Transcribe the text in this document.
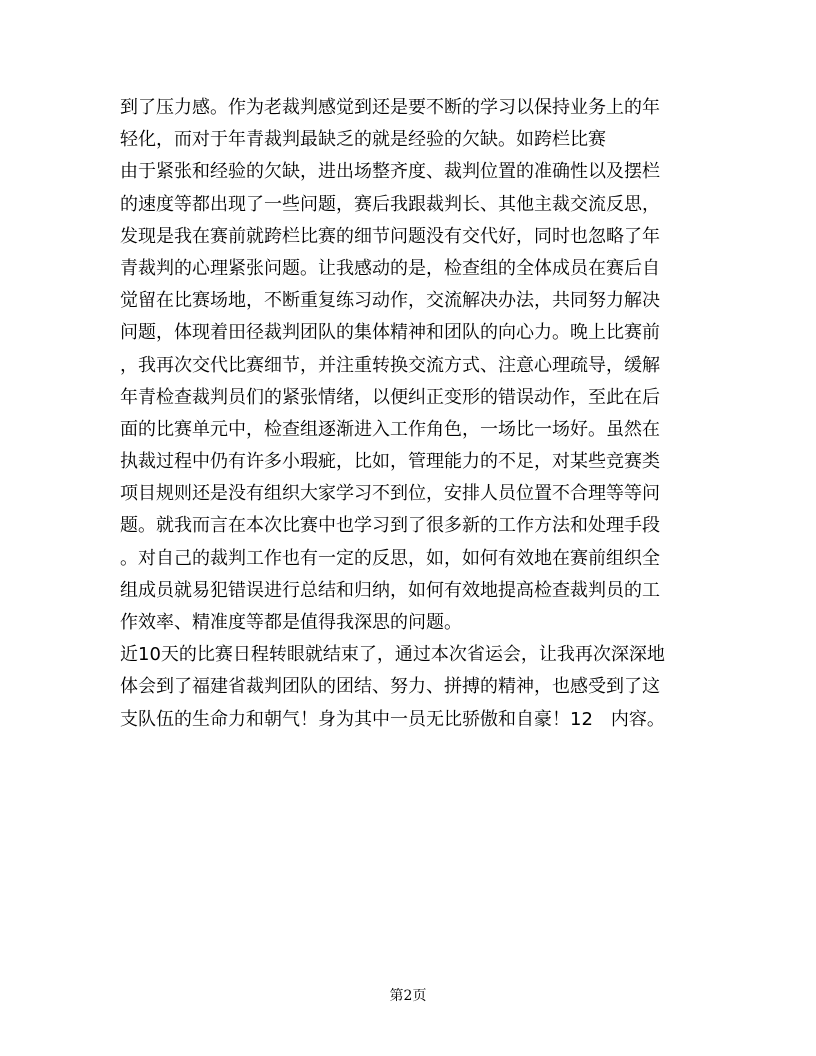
到了压力感。作为老裁判感觉到还是要不断的学习以保持业务上的年
轻化，而对于年青裁判最缺乏的就是经验的欠缺。如跨栏比赛
由于紧张和经验的欠缺，进出场整齐度、裁判位置的准确性以及摆栏
的速度等都出现了一些问题，赛后我跟裁判长、其他主裁交流反思，
发现是我在赛前就跨栏比赛的细节问题没有交代好，同时也忽略了年
青裁判的心理紧张问题。让我感动的是，检查组的全体成员在赛后自
觉留在比赛场地，不断重复练习动作，交流解决办法，共同努力解决
问题，体现着田径裁判团队的集体精神和团队的向心力。晚上比赛前
，我再次交代比赛细节，并注重转换交流方式、注意心理疏导，缓解
年青检查裁判员们的紧张情绪，以便纠正变形的错误动作，至此在后
面的比赛单元中，检查组逐渐进入工作角色，一场比一场好。虽然在
执裁过程中仍有许多小瑕疵，比如，管理能力的不足，对某些竞赛类
项目规则还是没有组织大家学习不到位，安排人员位置不合理等等问
题。就我而言在本次比赛中也学习到了很多新的工作方法和处理手段
。对自己的裁判工作也有一定的反思，如，如何有效地在赛前组织全
组成员就易犯错误进行总结和归纳，如何有效地提高检查裁判员的工
作效率、精准度等都是值得我深思的问题。
近10天的比赛日程转眼就结束了，通过本次省运会，让我再次深深地
体会到了福建省裁判团队的团结、努力、拼搏的精神，也感受到了这
支队伍的生命力和朝气！身为其中一员无比骄傲和自豪！12　内容。
第2页
